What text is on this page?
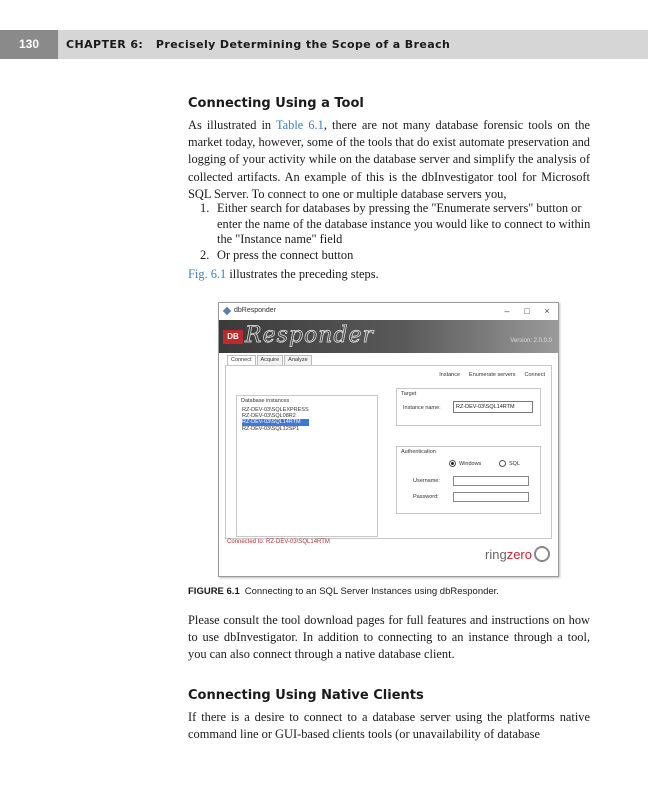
130	CHAPTER 6:   Precisely Determining the Scope of a Breach
Connecting Using a Tool
As illustrated in Table 6.1, there are not many database forensic tools on the market today, however, some of the tools that do exist automate preservation and logging of your activity while on the database server and simplify the analysis of collected artifacts. An example of this is the dbInvestigator tool for Microsoft SQL Server. To connect to one or multiple database servers you,
1. Either search for databases by pressing the "Enumerate servers" button or enter the name of the database instance you would like to connect to within the "Instance name" field
2. Or press the connect button
Fig. 6.1 illustrates the preceding steps.
dbResponder	–	□	×
DB Responder	Version: 2.0.0.0
Connect	Acquire	Analyze
Instance Enumerate servers Connect
Database instances
RZ-DEV-03\SQLEXPRESS
RZ-DEV-03\SQL08R2
RZ-DEV-03\SQL14RTM
RZ-DEV-03\SQL12SP1
Target
Instance name:	RZ-DEV-03\SQL14RTM
Authentication
Windows	SQL
Username:
Password:
Connected to: RZ-DEV-03\SQL14RTM
ringzero
FIGURE 6.1 Connecting to an SQL Server Instances using dbResponder.
Please consult the tool download pages for full features and instructions on how to use dbInvestigator. In addition to connecting to an instance through a tool, you can also connect through a native database client.
Connecting Using Native Clients
If there is a desire to connect to a database server using the platforms native command line or GUI-based clients tools (or unavailability of database
